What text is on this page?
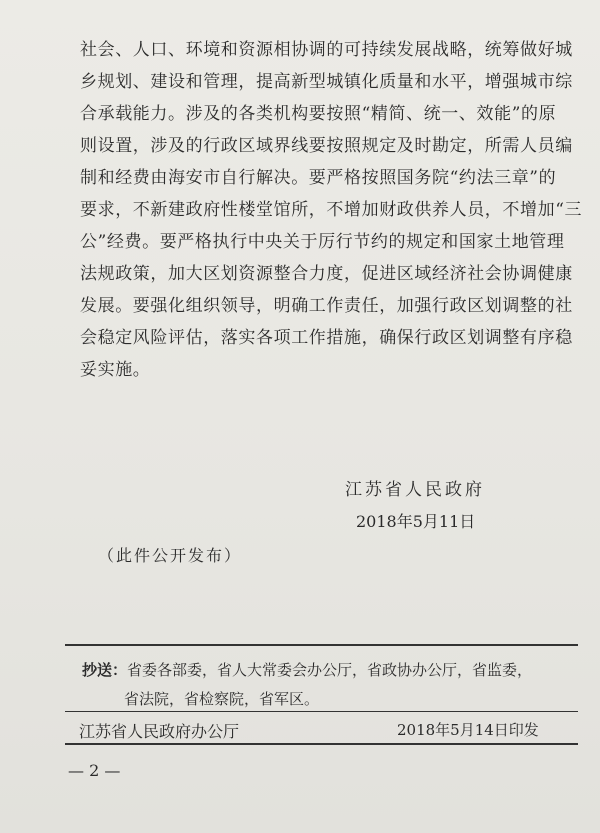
社会、人口、环境和资源相协调的可持续发展战略，统筹做好城
乡规划、建设和管理，提高新型城镇化质量和水平，增强城市综
合承载能力。涉及的各类机构要按照“精简、统一、效能”的原
则设置，涉及的行政区域界线要按照规定及时勘定，所需人员编
制和经费由海安市自行解决。要严格按照国务院“约法三章”的
要求，不新建政府性楼堂馆所，不增加财政供养人员，不增加“三
公”经费。要严格执行中央关于厉行节约的规定和国家土地管理
法规政策，加大区划资源整合力度，促进区域经济社会协调健康
发展。要强化组织领导，明确工作责任，加强行政区划调整的社
会稳定风险评估，落实各项工作措施，确保行政区划调整有序稳
妥实施。
江苏省人民政府
2018年5月11日
（此件公开发布）
抄送：省委各部委，省人大常委会办公厅，省政协办公厅，省监委，
省法院，省检察院，省军区。
江苏省人民政府办公厅	2018年5月14日印发
— 2 —
